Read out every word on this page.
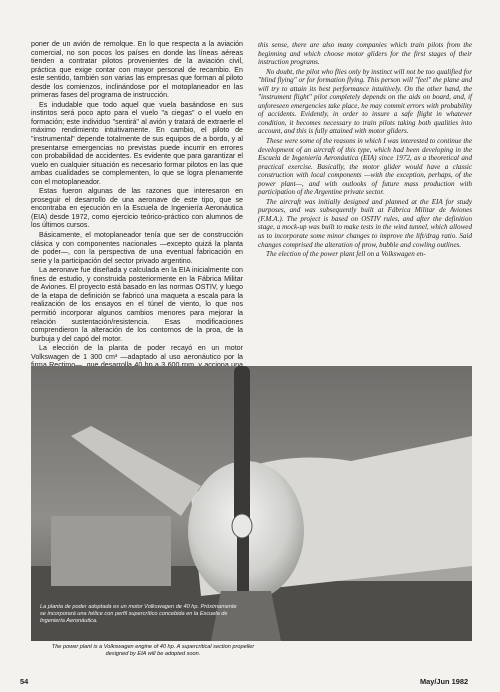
poner de un avión de remolque. En lo que respecta a la aviación comercial, no son pocos los países en donde las líneas aéreas tienden a contratar pilotos provenientes de la aviación civil, práctica que exige contar con mayor personal de recambio. En este sentido, también son varias las empresas que forman al piloto desde los comienzos, inclinándose por el motoplaneador en las primeras fases del programa de instrucción.

Es indudable que todo aquel que vuela basándose en sus instintos será poco apto para el vuelo "a ciegas" o el vuelo en formación; este individuo "sentirá" al avión y tratará de extraerle el máximo rendimiento intuitivamente. En cambio, el piloto de "instrumental" depende totalmente de sus equipos de a bordo, y al presentarse emergencias no previstas puede incurrir en errores con probabilidad de accidentes. Es evidente que para garantizar el vuelo en cualquier situación es necesario formar pilotos en las que ambas cualidades se complementen, lo que se logra plenamente con el motoplaneador.

Estas fueron algunas de las razones que interesaron en proseguir el desarrollo de una aeronave de este tipo, que se encontraba en ejecución en la Escuela de Ingeniería Aeronáutica (EIA) desde 1972, como ejercicio teórico-práctico con alumnos de los últimos cursos.

Básicamente, el motoplaneador tenía que ser de construcción clásica y con componentes nacionales —excepto quizá la planta de poder—, con la perspectiva de una eventual fabricación en serie y la participación del sector privado argentino.

La aeronave fue diseñada y calculada en la EIA inicialmente con fines de estudio, y construida posteriormente en la Fábrica Militar de Aviones. El proyecto está basado en las normas OSTIV, y luego de la etapa de definición se fabricó una maqueta a escala para la realización de los ensayos en el túnel de viento, lo que nos permitió incorporar algunos cambios menores para mejorar la relación sustentación/resistencia. Esas modificaciones comprendieron la alteración de los contornos de la proa, de la burbuja y del capó del motor.

La elección de la planta de poder recayó en un motor Volkswagen de 1 300 cm³ —adaptado al uso aeronáutico por la

this sense, there are also many companies which train pilots from the beginning and which choose motor gliders for the first stages of their instruction programs.

No doubt, the pilot who flies only by instinct will not be too qualified for "blind flying" or for formation flying. This person will "feel" the plane and will try to attain its best performance intuitively. On the other hand, the "instrument flight" pilot completely depends on the aids on board, and, if unforeseen emergencies take place, he may commit errors with probability of accidents. Evidently, in order to insure a safe flight in whatever condition, it becomes necessary to train pilots taking both qualities into account, and this is fully attained with motor gliders.

These were some of the reasons in which I was interested to continue the development of an aircraft of this type, which had been developing in the Escuela de Ingeniería Aeronáutica (EIA) since 1972, as a theoretical and practical exercise. Basically, the motor glider would have a classic construction with local components —with the exception, perhaps, of the power plant—, and with outlooks of future mass production with participation of the Argentine private sector.

The aircraft was initially designed and planned at the EIA for study purposes, and was subsequently built at Fábrica Militar de Aviones (F.M.A.). The project is based on OSTIV rules, and after the definition stage, a mock-up was built to make tests in the wind tunnel, which allowed us to incorporate some minor changes to improve the lift/drag ratio. Said changes comprised the alteration of prow, bubble and cowling outlines.

The election of the power plant fell on a Volkswagen en-

La planta de poder adoptada es un motor Volkswagen de 40 hp. Próximamente se incorporará una hélice con perfil supercrítico concebida en la Escuela de Ingeniería Aeronáutica.
The power plant is a Volkswagen engine of 40 hp. A supercritical section propeller designed by EIA will be adopted soon.
54	May/Jun 1982
